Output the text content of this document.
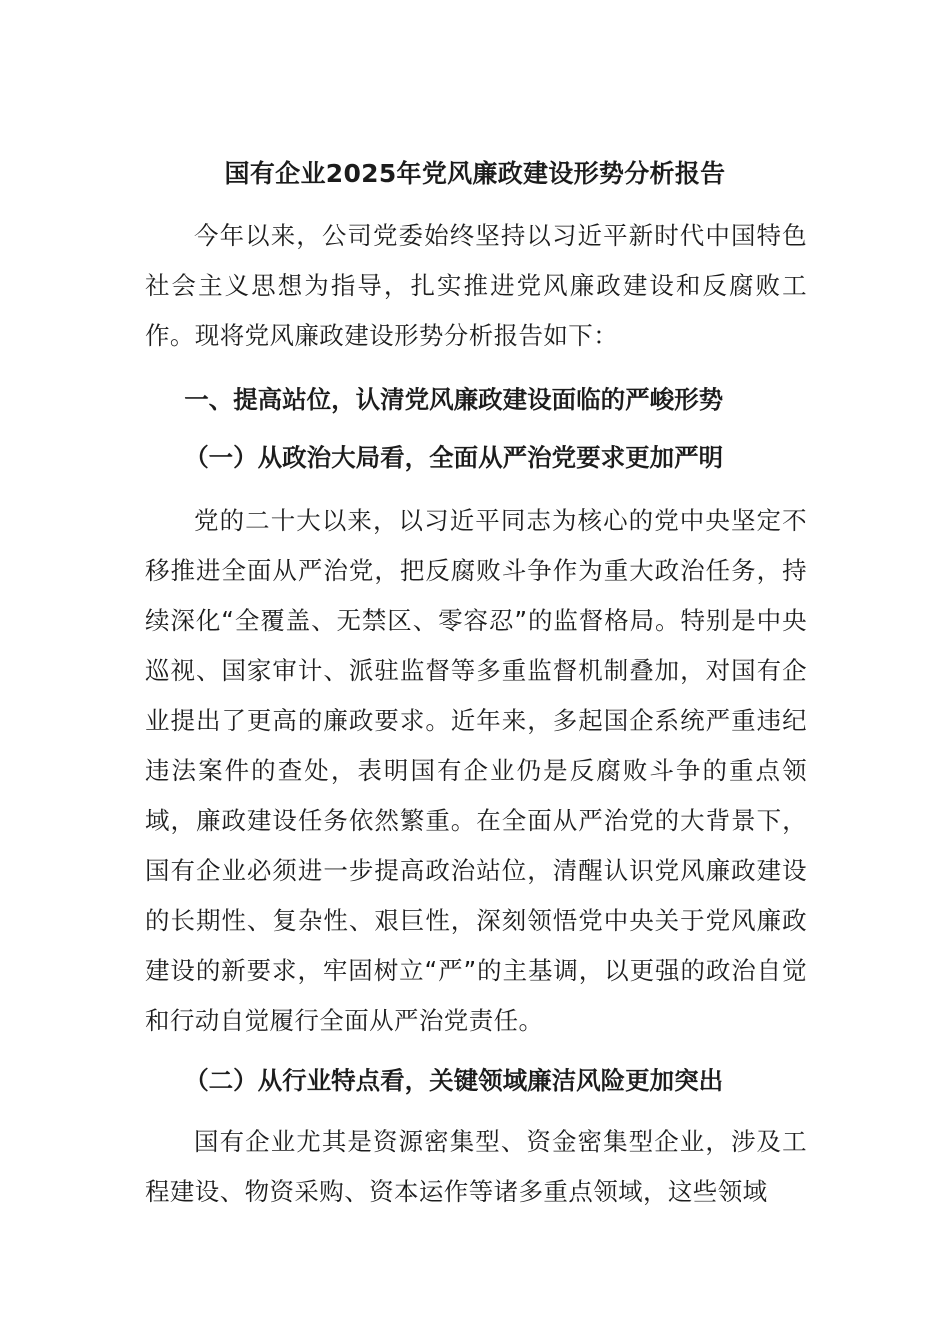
国有企业2025年党风廉政建设形势分析报告

今年以来，公司党委始终坚持以习近平新时代中国特色社会主义思想为指导，扎实推进党风廉政建设和反腐败工作。现将党风廉政建设形势分析报告如下：

一、提高站位，认清党风廉政建设面临的严峻形势
（一）从政治大局看，全面从严治党要求更加严明

党的二十大以来，以习近平同志为核心的党中央坚定不移推进全面从严治党，把反腐败斗争作为重大政治任务，持续深化“全覆盖、无禁区、零容忍”的监督格局。特别是中央巡视、国家审计、派驻监督等多重监督机制叠加，对国有企业提出了更高的廉政要求。近年来，多起国企系统严重违纪违法案件的查处，表明国有企业仍是反腐败斗争的重点领域，廉政建设任务依然繁重。在全面从严治党的大背景下，国有企业必须进一步提高政治站位，清醒认识党风廉政建设的长期性、复杂性、艰巨性，深刻领悟党中央关于党风廉政建设的新要求，牢固树立“严”的主基调，以更强的政治自觉和行动自觉履行全面从严治党责任。

（二）从行业特点看，关键领域廉洁风险更加突出

国有企业尤其是资源密集型、资金密集型企业，涉及工程建设、物资采购、资本运作等诸多重点领域，这些领域
